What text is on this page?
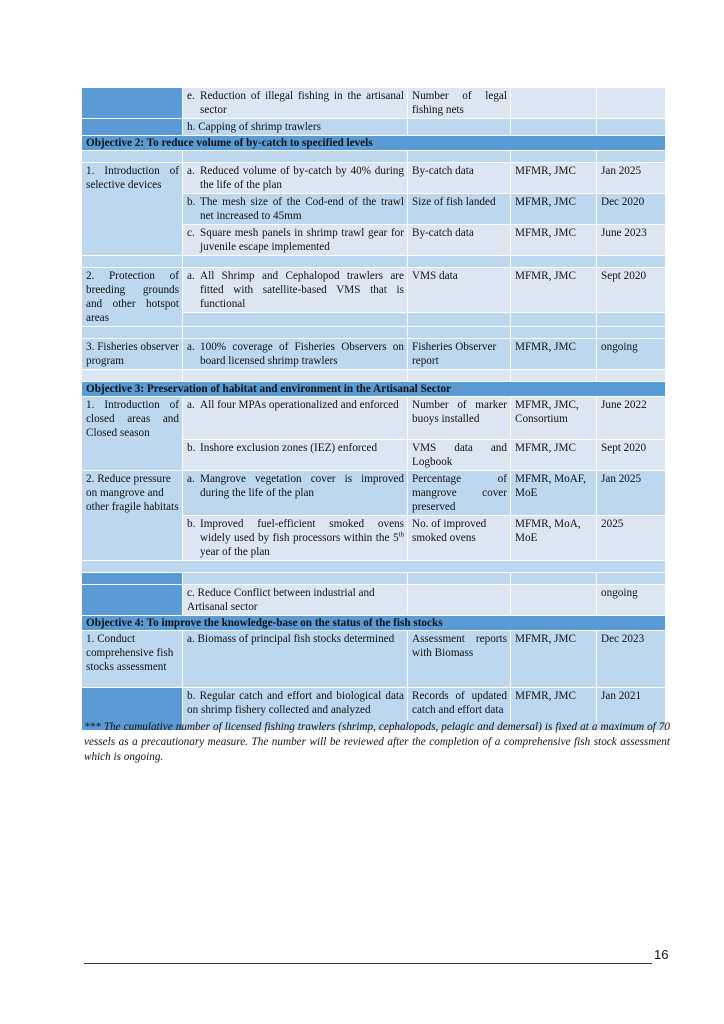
	e. Reduction of illegal fishing in the artisanal sector	Number of legal fishing nets		
	h. Capping of shrimp trawlers			
Objective 2: To reduce volume of by-catch to specified levels				

1. Introduction of selective devices	a. Reduced volume of by-catch by 40% during the life of the plan	By-catch data	MFMR, JMC	Jan 2025

	b. The mesh size of the Cod-end of the trawl net increased to 45mm	Size of fish landed	MFMR, JMC	Dec 2020

	c. Square mesh panels in shrimp trawl gear for juvenile escape implemented	By-catch data	MFMR, JMC	June 2023

2. Protection of breeding grounds and other hotspot areas	a. All Shrimp and Cephalopod trawlers are fitted with satellite-based VMS that is functional	VMS data	MFMR, JMC	Sept 2020

3. Fisheries observer program	a. 100% coverage of Fisheries Observers on board licensed shrimp trawlers	Fisheries Observer report	MFMR, JMC	ongoing

Objective 3: Preservation of habitat and environment in the Artisanal Sector				
1. Introduction of closed areas and Closed season	a. All four MPAs operationalized and enforced	Number of marker buoys installed	MFMR, JMC, Consortium	June 2022

	b. Inshore exclusion zones (IEZ) enforced	VMS data and Logbook	MFMR, JMC	Sept 2020
2. Reduce pressure on mangrove and other fragile habitats	a. Mangrove vegetation cover is improved during the life of the plan	Percentage of mangrove cover preserved	MFMR, MoAF, MoE	Jan 2025

	b. Improved fuel-efficient smoked ovens widely used by fish processors within the 5th year of the plan	No. of improved smoked ovens	MFMR, MoA, MoE	2025

	c. Reduce Conflict between industrial and Artisanal sector			ongoing
Objective 4: To improve the knowledge-base on the status of the fish stocks				
1. Conduct comprehensive fish stocks assessment	a. Biomass of principal fish stocks determined	Assessment reports with Biomass	MFMR, JMC	Dec 2023
	b. Regular catch and effort and biological data on shrimp fishery collected and analyzed	Records of updated catch and effort data	MFMR, JMC	Jan 2021
*** The cumulative number of licensed fishing trawlers (shrimp, cephalopods, pelagic and demersal) is fixed at a maximum of 70 vessels as a precautionary measure. The number will be reviewed after the completion of a comprehensive fish stock assessment which is ongoing.
16
